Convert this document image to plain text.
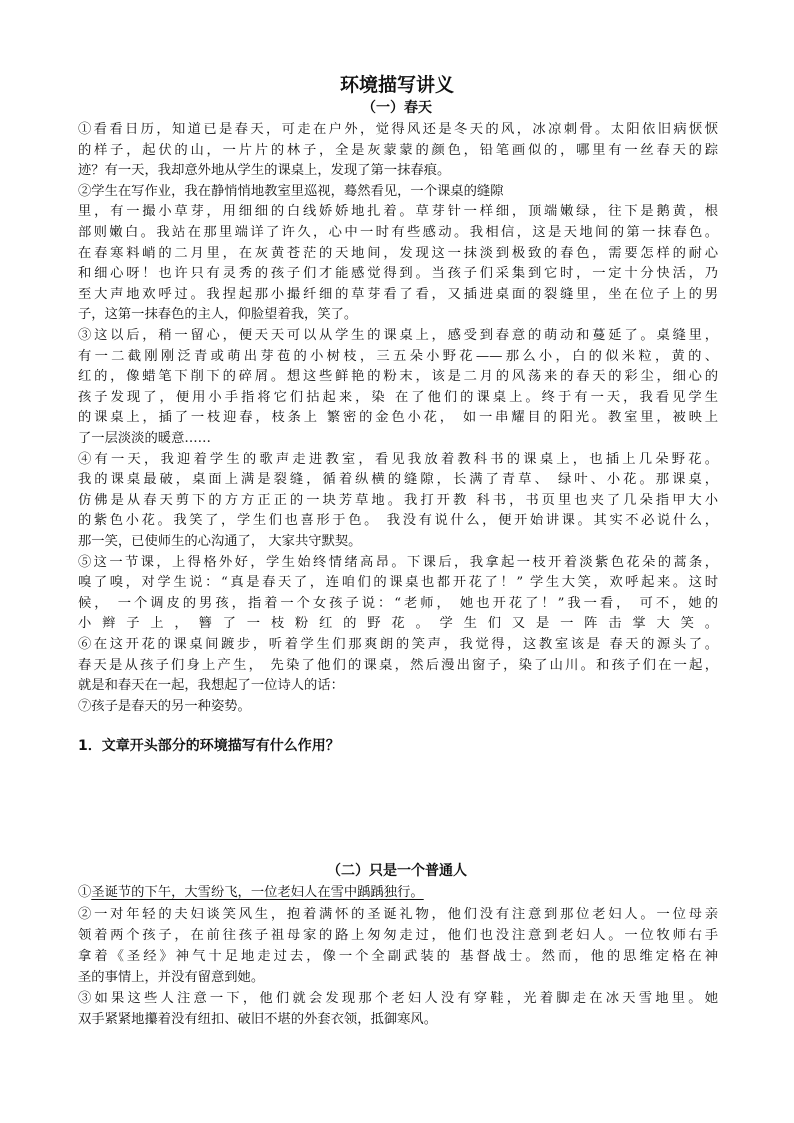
环境描写讲义
（一）春天
①看看日历，知道已是春天，可走在户外，觉得风还是冬天的风，冰凉刺骨。太阳依旧病恹恹
的样子，起伏的山，一片片的林子，全是灰蒙蒙的颜色，铅笔画似的，哪里有一丝春天的踪
迹？有一天，我却意外地从学生的课桌上，发现了第一抹春痕。
②学生在写作业，我在静悄悄地教室里巡视，蓦然看见，一个课桌的缝隙
里，有一撮小草芽，用细细的白线娇娇地扎着。草芽针一样细，顶端嫩绿，往下是鹅黄，根
部则嫩白。我站在那里端详了许久，心中一时有些感动。我相信，这是天地间的第一抹春色。
在春寒料峭的二月里，在灰黄苍茫的天地间，发现这一抹淡到极致的春色，需要怎样的耐心
和细心呀！也许只有灵秀的孩子们才能感觉得到。当孩子们采集到它时，一定十分快活，乃
至大声地欢呼过。我捏起那小撮纤细的草芽看了看，又插进桌面的裂缝里，坐在位子上的男
子，这第一抹春色的主人，仰脸望着我，笑了。
③这以后，稍一留心，便天天可以从学生的课桌上，感受到春意的萌动和蔓延了。桌缝里，
有一二截刚刚泛青或萌出芽苞的小树枝，三五朵小野花——那么小，白的似米粒，黄的、
红的，像蜡笔下削下的碎屑。想这些鲜艳的粉末，该是二月的风荡来的春天的彩尘，细心的
孩子发现了，便用小手指将它们拈起来，染 在了他们的课桌上。终于有一天，我看见学生
的课桌上，插了一枝迎春，枝条上 繁密的金色小花， 如一串耀目的阳光。教室里，被映上
了一层淡淡的暖意……
④有一天，我迎着学生的歌声走进教室，看见我放着教科书的课桌上，也插上几朵野花。
我的课桌最破，桌面上满是裂缝，循着纵横的缝隙，长满了青草、 绿叶、小花。那课桌，
仿佛是从春天剪下的方方正正的一块芳草地。我打开教 科书，书页里也夹了几朵指甲大小
的紫色小花。我笑了，学生们也喜形于色。 我没有说什么，便开始讲课。其实不必说什么，
那一笑，已使师生的心沟通了， 大家共守默契。
⑤这一节课，上得格外好，学生始终情绪高昂。下课后，我拿起一枝开着淡紫色花朵的蒿条，
嗅了嗅，对学生说：“真是春天了，连咱们的课桌也都开花了！” 学生大笑，欢呼起来。这时
候， 一个调皮的男孩，指着一个女孩子说：“老师， 她也开花了！”我一看， 可不，她的
小辫子上，簪了一枝粉红的野花。学生们又是一阵击掌大笑。
⑥在这开花的课桌间踱步，听着学生们那爽朗的笑声，我觉得，这教室该是 春天的源头了。
春天是从孩子们身上产生， 先染了他们的课桌，然后漫出窗子，染了山川。和孩子们在一起，
就是和春天在一起，我想起了一位诗人的话：
⑦孩子是春天的另一种姿势。
1．文章开头部分的环境描写有什么作用？
（二）只是一个普通人
①圣诞节的下午，大雪纷飞，一位老妇人在雪中踽踽独行。
②一对年轻的夫妇谈笑风生，抱着满怀的圣诞礼物，他们没有注意到那位老妇人。一位母亲
领着两个孩子，在前往孩子祖母家的路上匆匆走过，他们也没注意到老妇人。一位牧师右手
拿着《圣经》神气十足地走过去，像一个全副武装的 基督战士。然而，他的思维定格在神
圣的事情上，并没有留意到她。
③如果这些人注意一下，他们就会发现那个老妇人没有穿鞋，光着脚走在冰天雪地里。她
双手紧紧地攥着没有纽扣、破旧不堪的外套衣领，抵御寒风。
